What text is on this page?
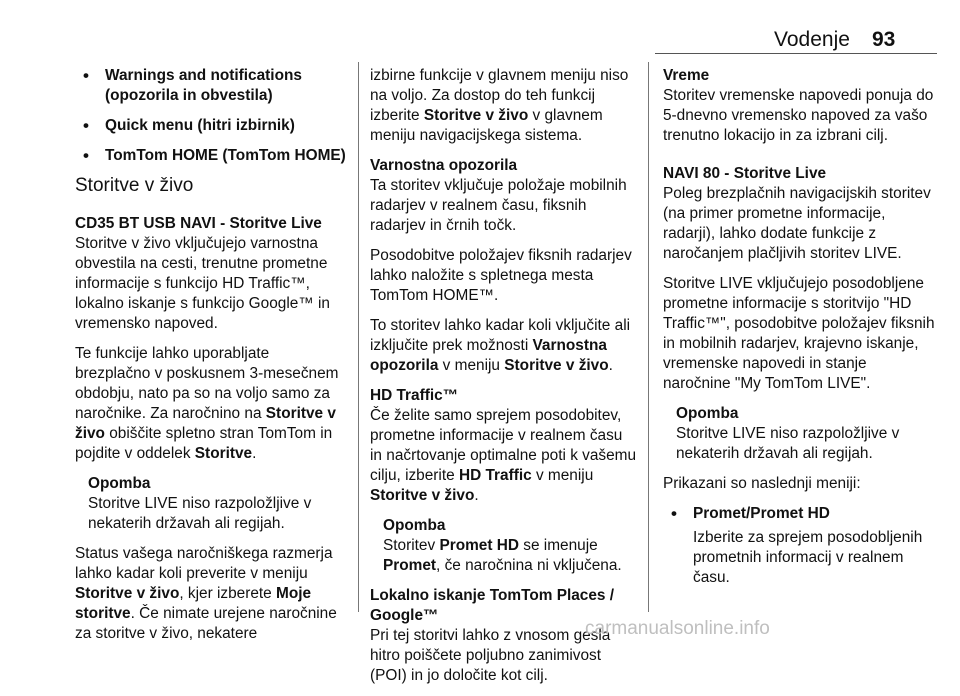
Vodenje 93
• Warnings and notifications (opozorila in obvestila)
• Quick menu (hitri izbirnik)
• TomTom HOME (TomTom HOME)
Storitve v živo

CD35 BT USB NAVI - Storitve Live
Storitve v živo vključujejo varnostna obvestila na cesti, trenutne prometne informacije s funkcijo HD Traffic™, lokalno iskanje s funkcijo Google™ in vremensko napoved.

Te funkcije lahko uporabljate brezplačno v poskusnem 3-mesečnem obdobju, nato pa so na voljo samo za naročnike. Za naročnino na Storitve v živo obiščite spletno stran TomTom in pojdite v oddelek Storitve.

Opomba
Storitve LIVE niso razpoložljive v nekaterih državah ali regijah.

Status vašega naročniškega razmerja lahko kadar koli preverite v meniju Storitve v živo, kjer izberete Moje storitve. Če nimate urejene naročnine za storitve v živo, nekatere

izbirne funkcije v glavnem meniju niso na voljo. Za dostop do teh funkcij izberite Storitve v živo v glavnem meniju navigacijskega sistema.

Varnostna opozorila
Ta storitev vključuje položaje mobilnih radarjev v realnem času, fiksnih radarjev in črnih točk.

Posodobitve položajev fiksnih radarjev lahko naložite s spletnega mesta TomTom HOME™.

To storitev lahko kadar koli vključite ali izključite prek možnosti Varnostna opozorila v meniju Storitve v živo.

HD Traffic™
Če želite samo sprejem posodobitev, prometne informacije v realnem času in načrtovanje optimalne poti k vašemu cilju, izberite HD Traffic v meniju Storitve v živo.

Opomba
Storitev Promet HD se imenuje Promet, če naročnina ni vključena.

Lokalno iskanje TomTom Places / Google™
Pri tej storitvi lahko z vnosom gesla hitro poiščete poljubno zanimivost (POI) in jo določite kot cilj.

Vreme
Storitev vremenske napovedi ponuja do 5-dnevno vremensko napoved za vašo trenutno lokacijo in za izbrani cilj.

NAVI 80 - Storitve Live
Poleg brezplačnih navigacijskih storitev (na primer prometne informacije, radarji), lahko dodate funkcije z naročanjem plačljivih storitev LIVE.

Storitve LIVE vključujejo posodobljene prometne informacije s storitvijo "HD Traffic™", posodobitve položajev fiksnih in mobilnih radarjev, krajevno iskanje, vremenske napovedi in stanje naročnine "My TomTom LIVE".

Opomba
Storitve LIVE niso razpoložljive v nekaterih državah ali regijah.

Prikazani so naslednji meniji:

• Promet/Promet HD
Izberite za sprejem posodobljenih prometnih informacij v realnem času.
carmanualsonline.info
